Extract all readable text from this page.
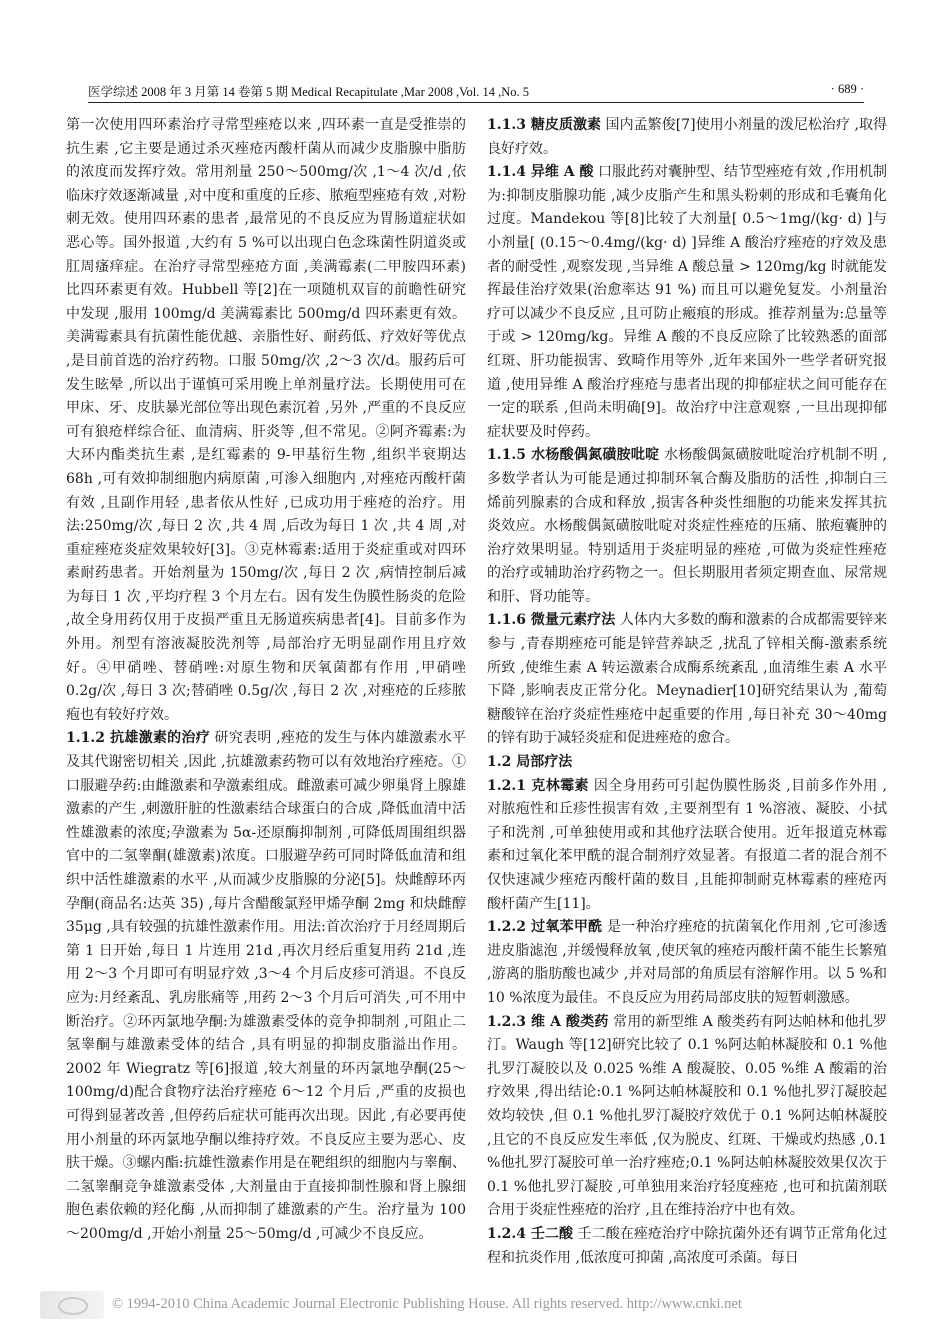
医学综述 2008 年 3 月第 14 卷第 5 期 Medical Recapitulate ,Mar 2008 ,Vol. 14 ,No. 5	· 689 ·

第一次使用四环素治疗寻常型痤疮以来 ,四环素一直是受推崇的抗生素 ,它主要是通过杀灭痤疮丙酸杆菌从而减少皮脂腺中脂肪的浓度而发挥疗效。常用剂量 250～500mg/次 ,1～4 次/d ,依临床疗效逐渐减量 ,对中度和重度的丘疹、脓疱型痤疮有效 ,对粉刺无效。使用四环素的患者 ,最常见的不良反应为胃肠道症状如恶心等。国外报道 ,大约有 5 %可以出现白色念珠菌性阴道炎或肛周瘙痒症。在治疗寻常型痤疮方面 ,美满霉素(二甲胺四环素) 比四环素更有效。Hubbell 等[2]在一项随机双盲的前瞻性研究中发现 ,服用 100mg/d 美满霉素比 500mg/d 四环素更有效。美满霉素具有抗菌性能优越、亲脂性好、耐药低、疗效好等优点 ,是目前首选的治疗药物。口服 50mg/次 ,2～3 次/d。服药后可发生眩晕 ,所以出于谨慎可采用晚上单剂量疗法。长期使用可在甲床、牙、皮肤暴光部位等出现色素沉着 ,另外 ,严重的不良反应可有狼疮样综合征、血清病、肝炎等 ,但不常见。②阿齐霉素:为大环内酯类抗生素 ,是红霉素的 9-甲基衍生物 ,组织半衰期达 68h ,可有效抑制细胞内病原菌 ,可渗入细胞内 ,对痤疮丙酸杆菌有效 ,且副作用轻 ,患者依从性好 ,已成功用于痤疮的治疗。用法:250mg/次 ,每日 2 次 ,共 4 周 ,后改为每日 1 次 ,共 4 周 ,对重症痤疮炎症效果较好[3]。③克林霉素:适用于炎症重或对四环素耐药患者。开始剂量为 150mg/次 ,每日 2 次 ,病情控制后减为每日 1 次 ,平均疗程 3 个月左右。因有发生伪膜性肠炎的危险 ,故全身用药仅用于皮损严重且无肠道疾病患者[4]。目前多作为外用。剂型有溶液凝胶洗剂等 ,局部治疗无明显副作用且疗效好。④甲硝唑、替硝唑:对原生物和厌氧菌都有作用 ,甲硝唑 0.2g/次 ,每日 3 次;替硝唑 0.5g/次 ,每日 2 次 ,对痤疮的丘疹脓疱也有较好疗效。

1.1.2 抗雄激素的治疗 研究表明 ,痤疮的发生与体内雄激素水平及其代谢密切相关 ,因此 ,抗雄激素药物可以有效地治疗痤疮。①口服避孕药:由雌激素和孕激素组成。雌激素可减少卵巢肾上腺雄激素的产生 ,刺激肝脏的性激素结合球蛋白的合成 ,降低血清中活性雄激素的浓度;孕激素为 5α-还原酶抑制剂 ,可降低周围组织器官中的二氢睾酮(雄激素)浓度。口服避孕药可同时降低血清和组织中活性雄激素的水平 ,从而减少皮脂腺的分泌[5]。炔雌醇环丙孕酮(商品名:达英 35) ,每片含醋酸氯羟甲烯孕酮 2mg 和炔雌醇 35μg ,具有较强的抗雄性激素作用。用法:首次治疗于月经周期后第 1 日开始 ,每日 1 片连用 21d ,再次月经后重复用药 21d ,连用 2～3 个月即可有明显疗效 ,3～4 个月后皮疹可消退。不良反应为:月经紊乱、乳房胀痛等 ,用药 2～3 个月后可消失 ,可不用中断治疗。②环丙氯地孕酮:为雄激素受体的竞争抑制剂 ,可阻止二氢睾酮与雄激素受体的结合 ,具有明显的抑制皮脂溢出作用。2002 年 Wiegratz 等[6]报道 ,较大剂量的环丙氯地孕酮(25～100mg/d)配合食物疗法治疗痤疮 6～12 个月后 ,严重的皮损也可得到显著改善 ,但停药后症状可能再次出现。因此 ,有必要再使用小剂量的环丙氯地孕酮以维持疗效。不良反应主要为恶心、皮肤干燥。③螺内酯:抗雄性激素作用是在靶组织的细胞内与睾酮、二氢睾酮竞争雄激素受体 ,大剂量由于直接抑制性腺和肾上腺细胞色素依赖的羟化酶 ,从而抑制了雄激素的产生。治疗量为 100～200mg/d ,开始小剂量 25～50mg/d ,可减少不良反应。

1.1.3 糖皮质激素 国内孟繁俊[7]使用小剂量的泼尼松治疗 ,取得良好疗效。

1.1.4 异维 A 酸 口服此药对囊肿型、结节型痤疮有效 ,作用机制为:抑制皮脂腺功能 ,减少皮脂产生和黑头粉刺的形成和毛囊角化过度。Mandekou 等[8]比较了大剂量[ 0.5～1mg/(kg· d) ]与小剂量[ (0.15～0.4mg/(kg· d) ]异维 A 酸治疗痤疮的疗效及患者的耐受性 ,观察发现 ,当异维 A 酸总量 > 120mg/kg 时就能发挥最佳治疗效果(治愈率达 91 %) 而且可以避免复发。小剂量治疗可以减少不良反应 ,且可防止瘢痕的形成。推荐剂量为:总量等于或 > 120mg/kg。异维 A 酸的不良反应除了比较熟悉的面部红斑、肝功能损害、致畸作用等外 ,近年来国外一些学者研究报道 ,使用异维 A 酸治疗痤疮与患者出现的抑郁症状之间可能存在一定的联系 ,但尚未明确[9]。故治疗中注意观察 ,一旦出现抑郁症状要及时停药。

1.1.5 水杨酸偶氮磺胺吡啶 水杨酸偶氮磺胺吡啶治疗机制不明 ,多数学者认为可能是通过抑制环氧合酶及脂肪的活性 ,抑制白三烯前列腺素的合成和释放 ,损害各种炎性细胞的功能来发挥其抗炎效应。水杨酸偶氮磺胺吡啶对炎症性痤疮的压痛、脓疱囊肿的治疗效果明显。特别适用于炎症明显的痤疮 ,可做为炎症性痤疮的治疗或辅助治疗药物之一。但长期服用者须定期查血、尿常规和肝、肾功能等。

1.1.6 微量元素疗法 人体内大多数的酶和激素的合成都需要锌来参与 ,青春期痤疮可能是锌营养缺乏 ,扰乱了锌相关酶-激素系统所致 ,使维生素 A 转运激素合成酶系统紊乱 ,血清维生素 A 水平下降 ,影响表皮正常分化。Meynadier[10]研究结果认为 ,葡萄糖酸锌在治疗炎症性痤疮中起重要的作用 ,每日补充 30～40mg 的锌有助于减轻炎症和促进痤疮的愈合。

1.2 局部疗法

1.2.1 克林霉素 因全身用药可引起伪膜性肠炎 ,目前多作外用 ,对脓疱性和丘疹性损害有效 ,主要剂型有 1 %溶液、凝胶、小拭子和洗剂 ,可单独使用或和其他疗法联合使用。近年报道克林霉素和过氧化苯甲酰的混合制剂疗效显著。有报道二者的混合剂不仅快速减少痤疮丙酸杆菌的数目 ,且能抑制耐克林霉素的痤疮丙酸杆菌产生[11]。

1.2.2 过氧苯甲酰 是一种治疗痤疮的抗菌氧化作用剂 ,它可渗透进皮脂滤泡 ,并缓慢释放氧 ,使厌氧的痤疮丙酸杆菌不能生长繁殖 ,游离的脂肪酸也减少 ,并对局部的角质层有溶解作用。以 5 %和 10 %浓度为最佳。不良反应为用药局部皮肤的短暂刺激感。

1.2.3 维 A 酸类药 常用的新型维 A 酸类药有阿达帕林和他扎罗汀。Waugh 等[12]研究比较了 0.1 %阿达帕林凝胶和 0.1 %他扎罗汀凝胶以及 0.025 %维 A 酸凝胶、0.05 %维 A 酸霜的治疗效果 ,得出结论:0.1 %阿达帕林凝胶和 0.1 %他扎罗汀凝胶起效均较快 ,但 0.1 %他扎罗汀凝胶疗效优于 0.1 %阿达帕林凝胶 ,且它的不良反应发生率低 ,仅为脱皮、红斑、干燥或灼热感 ,0.1 %他扎罗汀凝胶可单一治疗痤疮;0.1 %阿达帕林凝胶效果仅次于 0.1 %他扎罗汀凝胶 ,可单独用来治疗轻度痤疮 ,也可和抗菌剂联合用于炎症性痤疮的治疗 ,且在维持治疗中也有效。

1.2.4 壬二酸 壬二酸在痤疮治疗中除抗菌外还有调节正常角化过程和抗炎作用 ,低浓度可抑菌 ,高浓度可杀菌。每日

© 1994-2010 China Academic Journal Electronic Publishing House. All rights reserved. http://www.cnki.net
